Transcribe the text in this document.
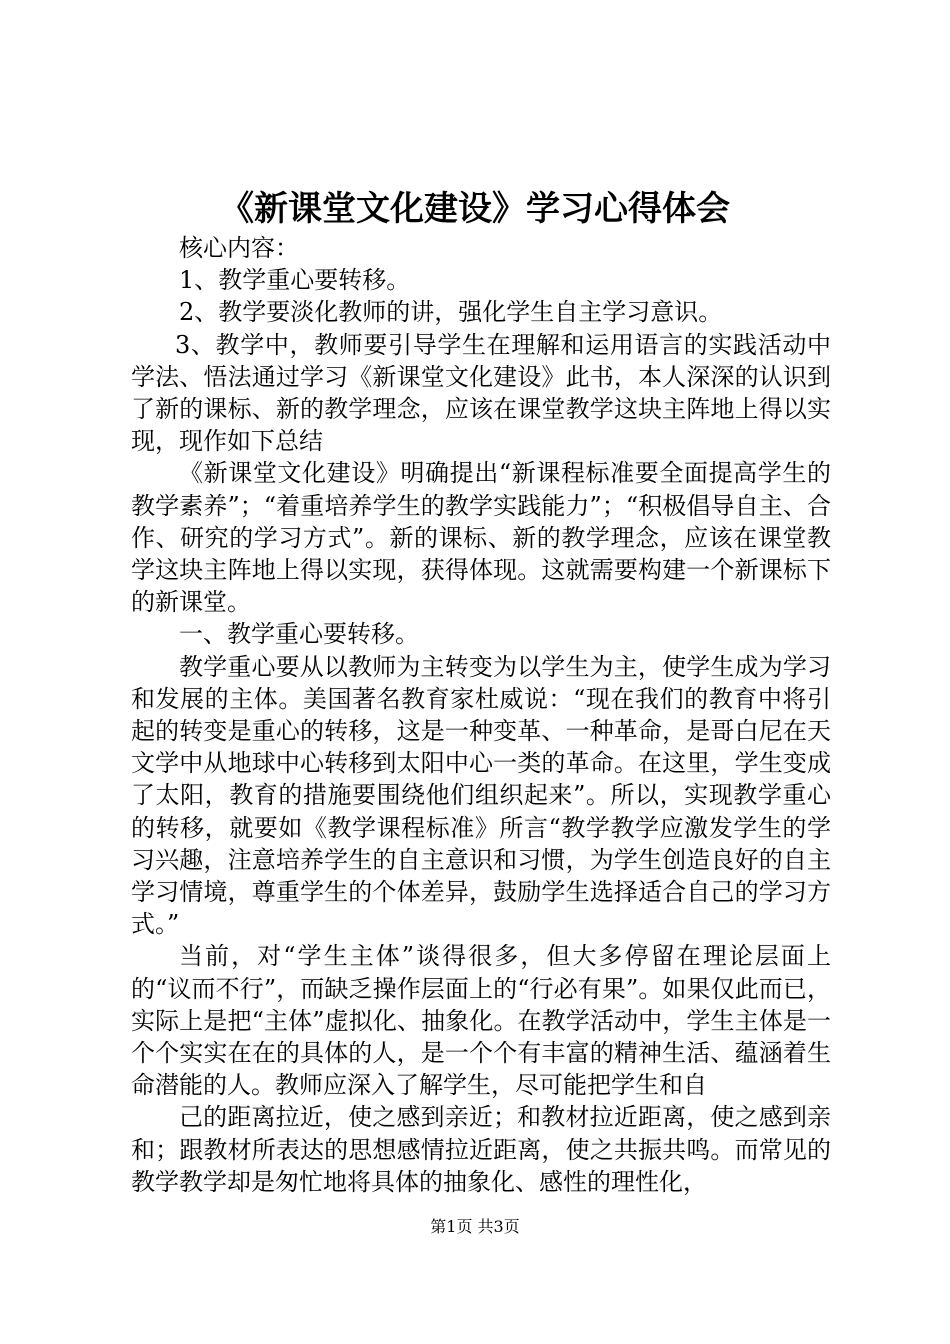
《新课堂文化建设》学习心得体会

核心内容：

1、教学重心要转移。

2、教学要淡化教师的讲，强化学生自主学习意识。

3、教学中，教师要引导学生在理解和运用语言的实践活动中学法、悟法通过学习《新课堂文化建设》此书，本人深深的认识到了新的课标、新的教学理念，应该在课堂教学这块主阵地上得以实现，现作如下总结

《新课堂文化建设》明确提出“新课程标准要全面提高学生的教学素养”；“着重培养学生的教学实践能力”；“积极倡导自主、合作、研究的学习方式”。新的课标、新的教学理念，应该在课堂教学这块主阵地上得以实现，获得体现。这就需要构建一个新课标下的新课堂。

一、教学重心要转移。

教学重心要从以教师为主转变为以学生为主，使学生成为学习和发展的主体。美国著名教育家杜威说：“现在我们的教育中将引起的转变是重心的转移，这是一种变革、一种革命，是哥白尼在天文学中从地球中心转移到太阳中心一类的革命。在这里，学生变成了太阳，教育的措施要围绕他们组织起来”。所以，实现教学重心的转移，就要如《教学课程标准》所言“教学教学应激发学生的学习兴趣，注意培养学生的自主意识和习惯，为学生创造良好的自主学习情境，尊重学生的个体差异，鼓励学生选择适合自己的学习方式。”

当前，对“学生主体”谈得很多，但大多停留在理论层面上的“议而不行”，而缺乏操作层面上的“行必有果”。如果仅此而已，实际上是把“主体”虚拟化、抽象化。在教学活动中，学生主体是一个个实实在在的具体的人，是一个个有丰富的精神生活、蕴涵着生命潜能的人。教师应深入了解学生，尽可能把学生和自

己的距离拉近，使之感到亲近；和教材拉近距离，使之感到亲和；跟教材所表达的思想感情拉近距离，使之共振共鸣。而常见的教学教学却是匆忙地将具体的抽象化、感性的理性化，

第1页 共3页
